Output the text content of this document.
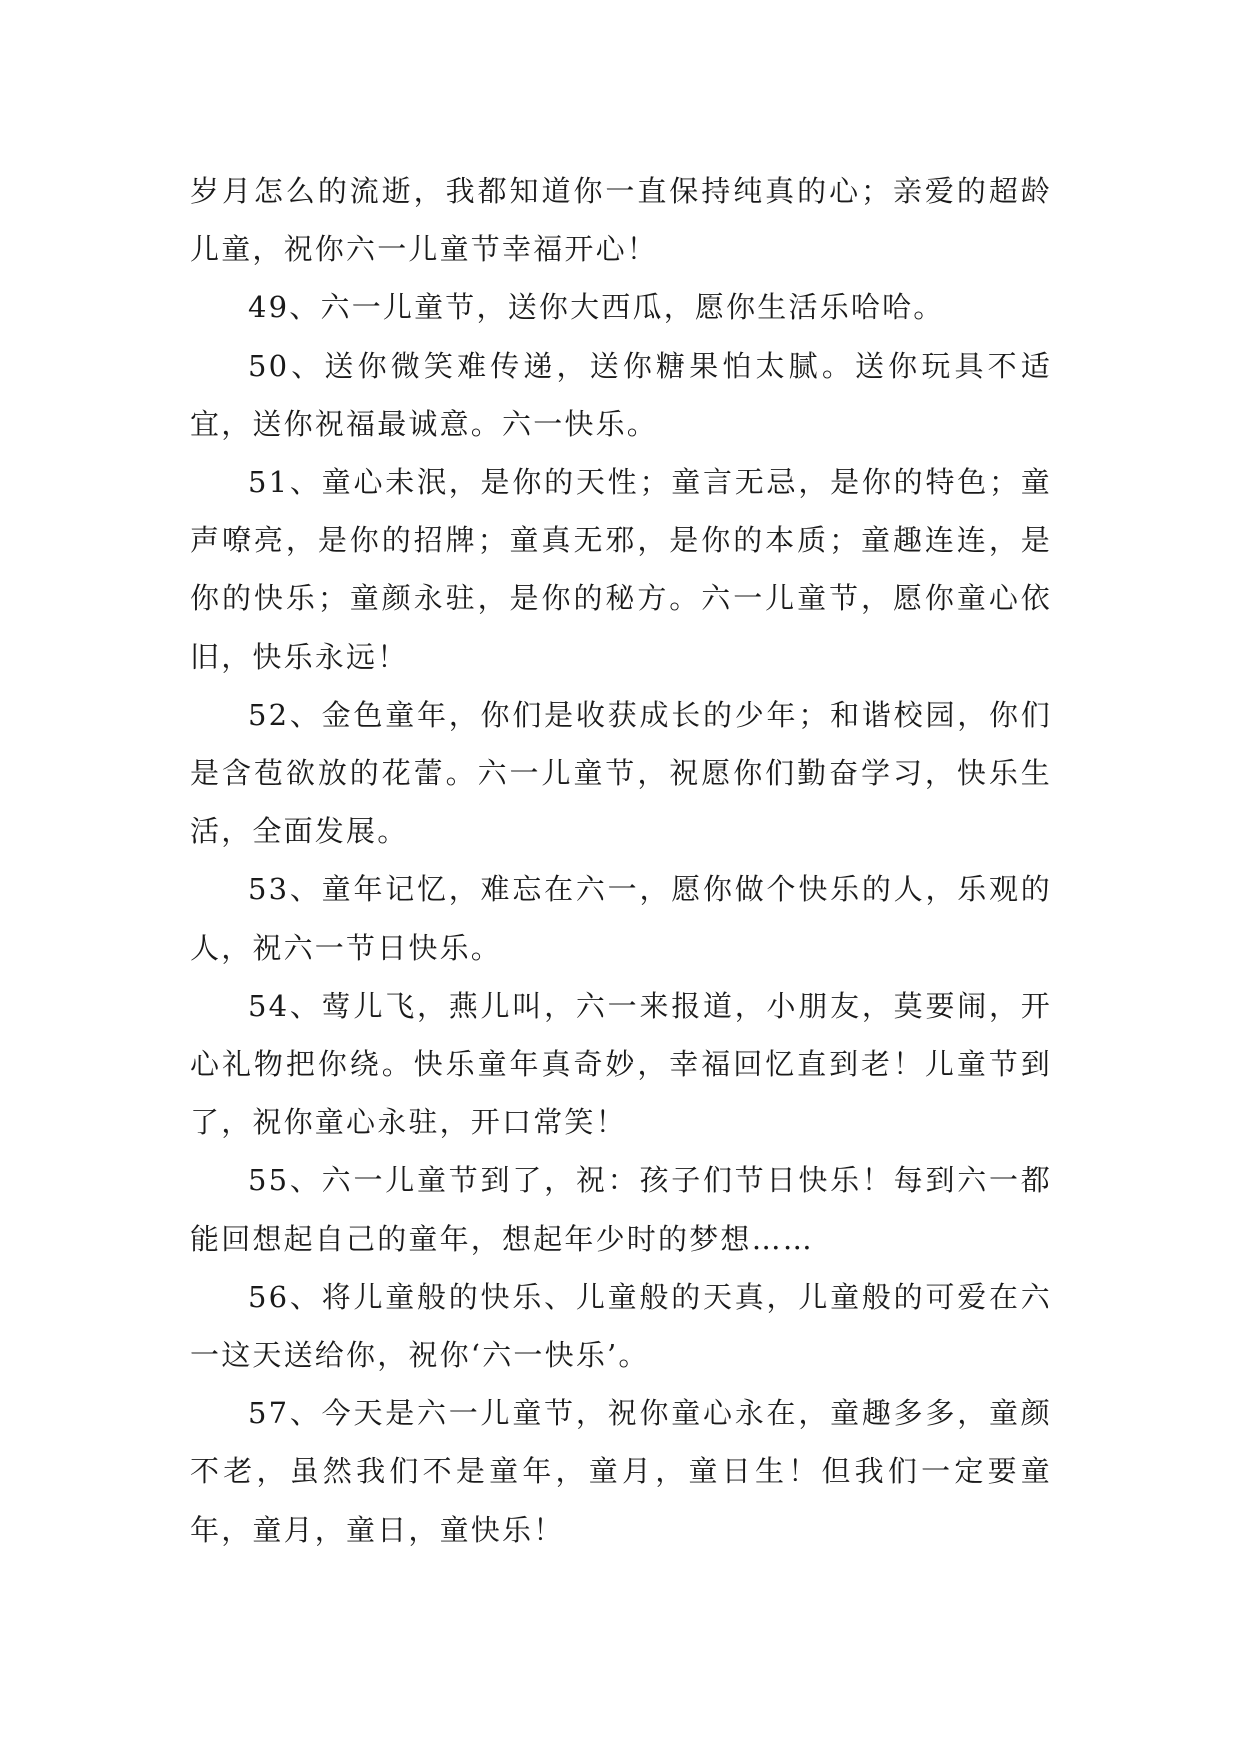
岁月怎么的流逝，我都知道你一直保持纯真的心；亲爱的超龄儿童，祝你六一儿童节幸福开心！

49、六一儿童节，送你大西瓜，愿你生活乐哈哈。

50、送你微笑难传递，送你糖果怕太腻。送你玩具不适宜，送你祝福最诚意。六一快乐。

51、童心未泯，是你的天性；童言无忌，是你的特色；童声嘹亮，是你的招牌；童真无邪，是你的本质；童趣连连，是你的快乐；童颜永驻，是你的秘方。六一儿童节，愿你童心依旧，快乐永远！

52、金色童年，你们是收获成长的少年；和谐校园，你们是含苞欲放的花蕾。六一儿童节，祝愿你们勤奋学习，快乐生活，全面发展。

53、童年记忆，难忘在六一，愿你做个快乐的人，乐观的人，祝六一节日快乐。

54、莺儿飞，燕儿叫，六一来报道，小朋友，莫要闹，开心礼物把你绕。快乐童年真奇妙，幸福回忆直到老！儿童节到了，祝你童心永驻，开口常笑！

55、六一儿童节到了，祝：孩子们节日快乐！每到六一都能回想起自己的童年，想起年少时的梦想……

56、将儿童般的快乐、儿童般的天真，儿童般的可爱在六一这天送给你，祝你‘六一快乐’。

57、今天是六一儿童节，祝你童心永在，童趣多多，童颜不老，虽然我们不是童年，童月，童日生！但我们一定要童年，童月，童日，童快乐！
